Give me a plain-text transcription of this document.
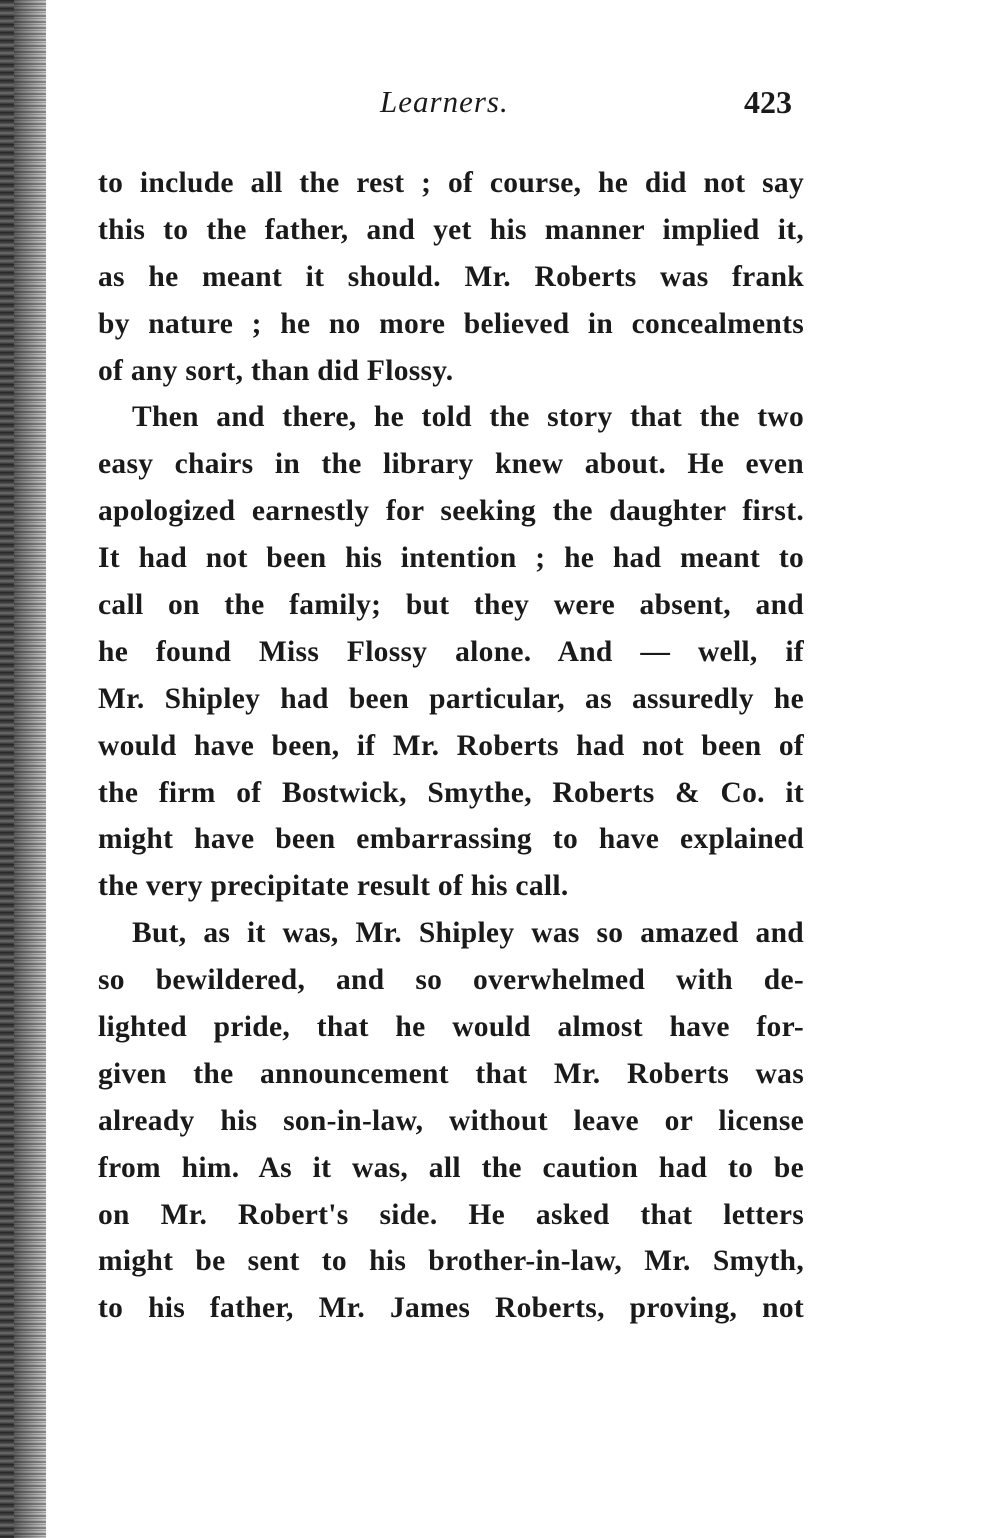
Learners.	423
to include all the rest ; of course, he did not say
this to the father, and yet his manner implied it,
as he meant it should. Mr. Roberts was frank
by nature ; he no more believed in concealments
of any sort, than did Flossy.
Then and there, he told the story that the two
easy chairs in the library knew about. He even
apologized earnestly for seeking the daughter first.
It had not been his intention ; he had meant to
call on the family; but they were absent, and
he found Miss Flossy alone. And — well, if
Mr. Shipley had been particular, as assuredly he
would have been, if Mr. Roberts had not been of
the firm of Bostwick, Smythe, Roberts & Co. it
might have been embarrassing to have explained
the very precipitate result of his call.
But, as it was, Mr. Shipley was so amazed and
so bewildered, and so overwhelmed with de-
lighted pride, that he would almost have for-
given the announcement that Mr. Roberts was
already his son-in-law, without leave or license
from him. As it was, all the caution had to be
on Mr. Robert's side. He asked that letters
might be sent to his brother-in-law, Mr. Smyth,
to his father, Mr. James Roberts, proving, not
